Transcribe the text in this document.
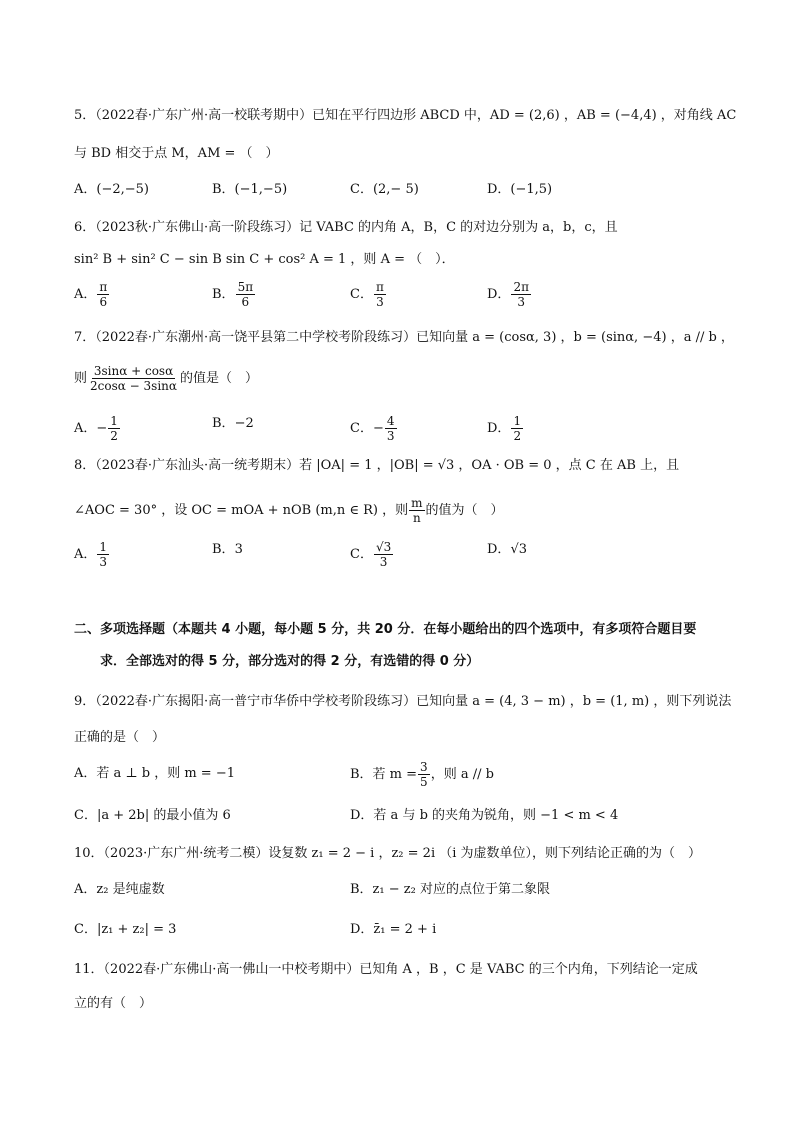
5．（2022春·广东广州·高一校联考期中）已知在平行四边形 ABCD 中，AD = (2,6) ，AB = (−4,4) ，对角线 AC
与 BD 相交于点 M，AM = （　）
A．(−2,−5)	B．(−1,−5)	C．(2,− 5)	D．(−1,5)
6．（2023秋·广东佛山·高一阶段练习）记 VABC 的内角 A，B，C 的对边分别为 a，b，c，且
sin² B + sin² C − sin B sin C + cos² A = 1 ，则 A = （　）．
A． $\frac{\pi}{6}$	B． $\frac{5\pi}{6}$	C． $\frac{\pi}{3}$	D． $\frac{2\pi}{3}$
7．（2022春·广东潮州·高一饶平县第二中学校考阶段练习）已知向量 a = (cosα, 3) ，b = (sinα, −4) ，a // b ，
则 $\frac{3\sin\alpha + \cos\alpha}{2\cos\alpha - 3\sin\alpha}$ 的值是（　）
A．− $\frac{1}{2}$	B．−2	C．− $\frac{4}{3}$	D． $\frac{1}{2}$
8．（2023春·广东汕头·高一统考期末）若 |OA| = 1 ，|OB| = √3 ，OA · OB = 0 ，点 C 在 AB 上，且
∠AOC = 30° ，设 OC = mOA + nOB (m,n ∈ R) ，则 $\frac{m}{n}$ 的值为（　）
A． $\frac{1}{3}$	B．3	C． $\frac{√3}{3}$	D．√3
二、多项选择题（本题共 4 小题，每小题 5 分，共 20 分．在每小题给出的四个选项中，有多项符合题目要
求．全部选对的得 5 分，部分选对的得 2 分，有选错的得 0 分）
9．（2022春·广东揭阳·高一普宁市华侨中学校考阶段练习）已知向量 a = (4, 3 − m) ，b = (1, m) ，则下列说法
正确的是（　）
A．若 a ⊥ b ，则 m = −1	B．若 $m = \frac{3}{5}$ ，则 a // b
C．|a + 2b| 的最小值为 6	D．若 a 与 b 的夹角为锐角，则 −1 < m < 4
10．（2023·广东广州·统考二模）设复数 z₁ = 2 − i ，z₂ = 2i （i 为虚数单位），则下列结论正确的为（　）
A．z₂ 是纯虚数	B．z₁ − z₂ 对应的点位于第二象限
C．|z₁ + z₂| = 3	D．z̄₁ = 2 + i
11．（2022春·广东佛山·高一佛山一中校考期中）已知角 A ，B ，C 是 VABC 的三个内角，下列结论一定成
立的有（　）
